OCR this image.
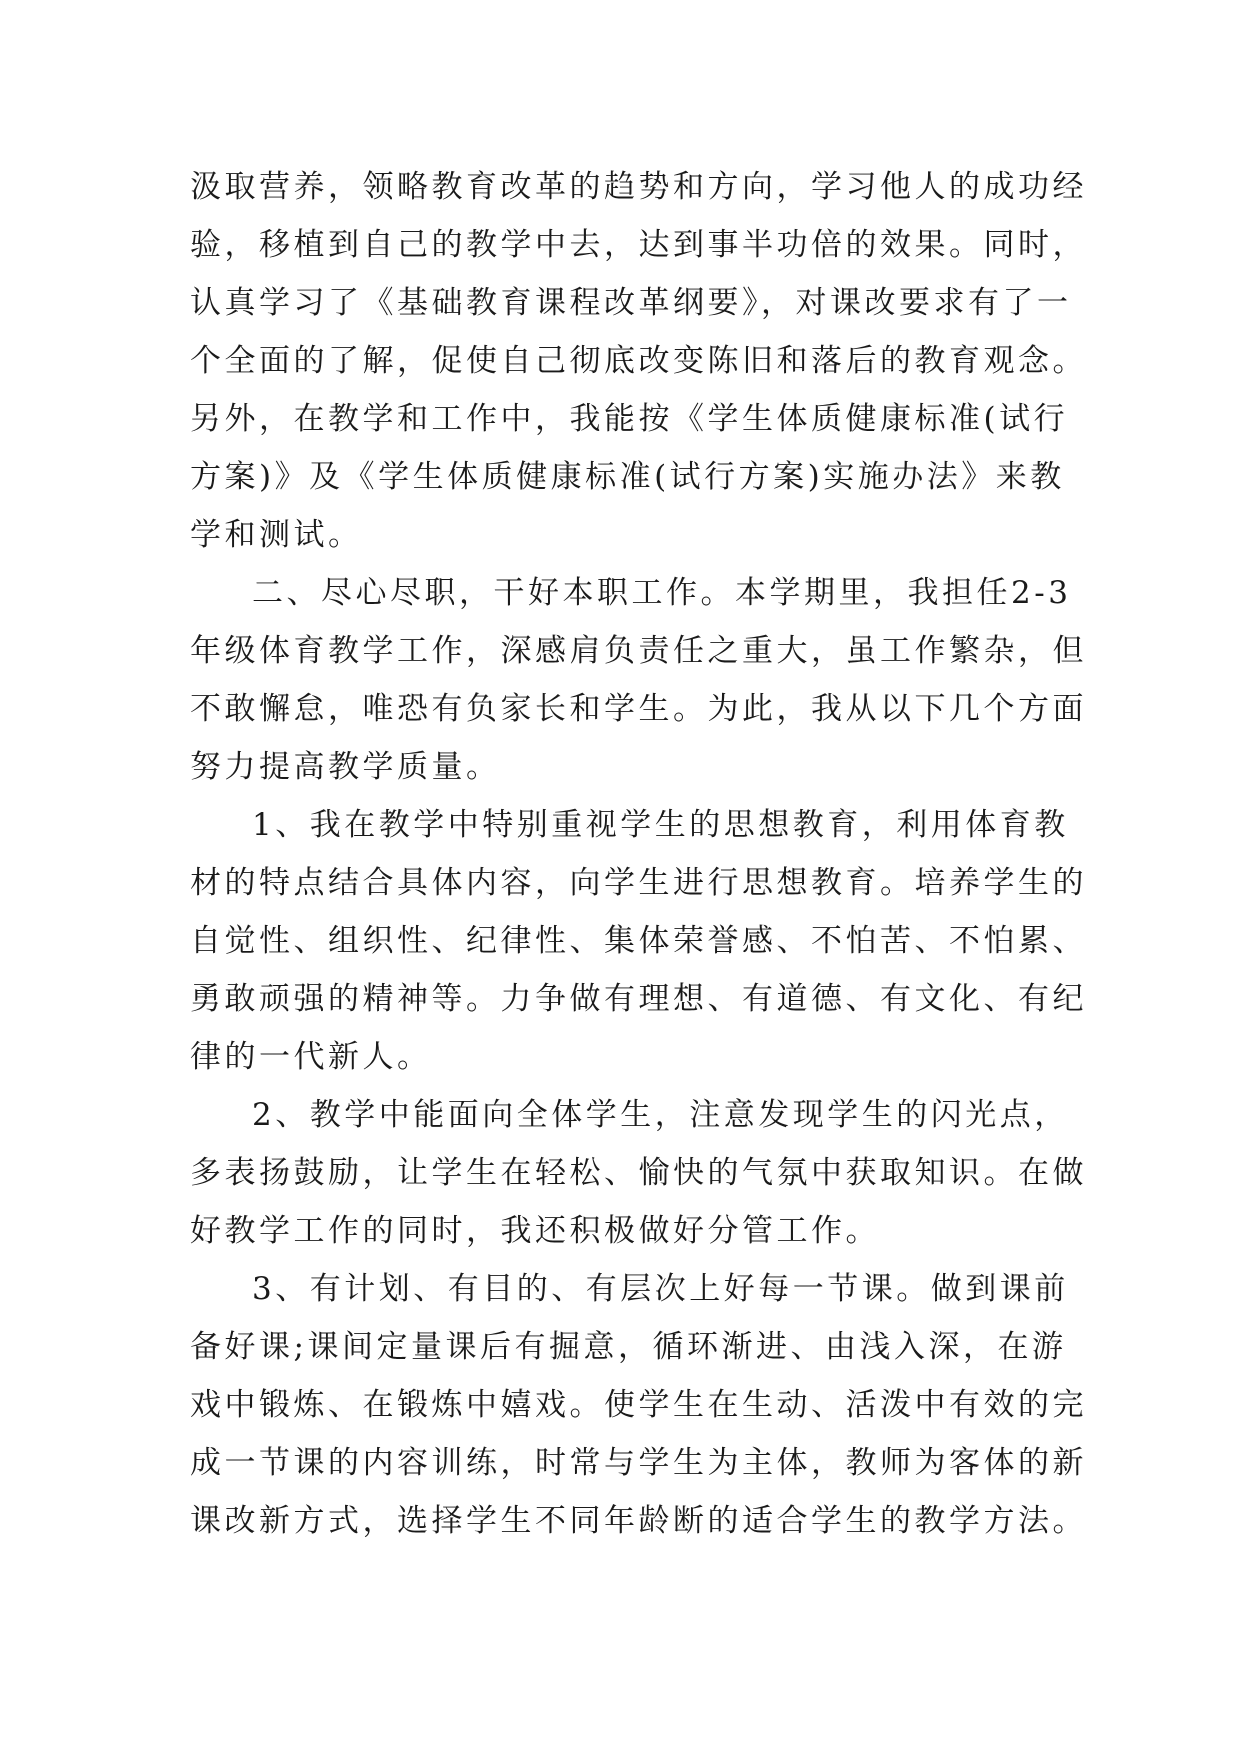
汲取营养，领略教育改革的趋势和方向，学习他人的成功经
验，移植到自己的教学中去，达到事半功倍的效果。同时，
认真学习了《基础教育课程改革纲要》，对课改要求有了一
个全面的了解，促使自己彻底改变陈旧和落后的教育观念。
另外，在教学和工作中，我能按《学生体质健康标准(试行
方案)》及《学生体质健康标准(试行方案)实施办法》来教
学和测试。
二、尽心尽职，干好本职工作。本学期里，我担任2-3
年级体育教学工作，深感肩负责任之重大，虽工作繁杂，但
不敢懈怠，唯恐有负家长和学生。为此，我从以下几个方面
努力提高教学质量。
1、我在教学中特别重视学生的思想教育，利用体育教
材的特点结合具体内容，向学生进行思想教育。培养学生的
自觉性、组织性、纪律性、集体荣誉感、不怕苦、不怕累、
勇敢顽强的精神等。力争做有理想、有道德、有文化、有纪
律的一代新人。
2、教学中能面向全体学生，注意发现学生的闪光点，
多表扬鼓励，让学生在轻松、愉快的气氛中获取知识。在做
好教学工作的同时，我还积极做好分管工作。
3、有计划、有目的、有层次上好每一节课。做到课前
备好课;课间定量课后有掘意，循环渐进、由浅入深，在游
戏中锻炼、在锻炼中嬉戏。使学生在生动、活泼中有效的完
成一节课的内容训练，时常与学生为主体，教师为客体的新
课改新方式，选择学生不同年龄断的适合学生的教学方法。
